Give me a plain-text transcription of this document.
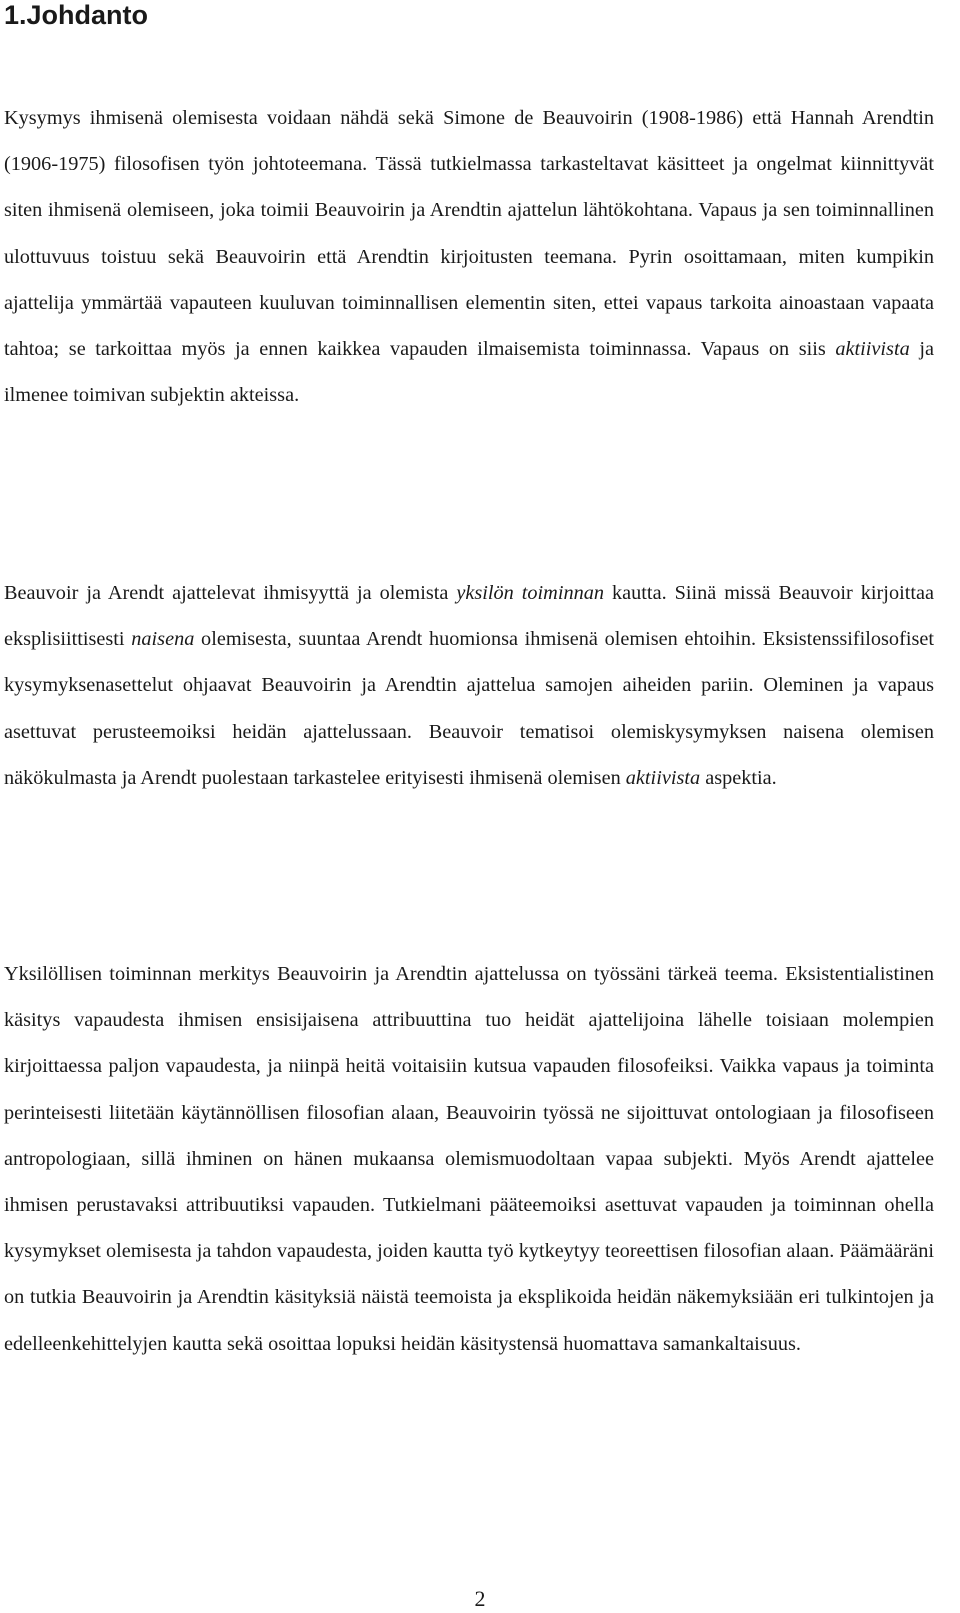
1.Johdanto

Kysymys ihmisenä olemisesta voidaan nähdä sekä Simone de Beauvoirin (1908-1986) että Hannah Arendtin (1906-1975) filosofisen työn johtoteemana. Tässä tutkielmassa tarkasteltavat käsitteet ja ongelmat kiinnittyvät siten ihmisenä olemiseen, joka toimii Beauvoirin ja Arendtin ajattelun lähtökohtana. Vapaus ja sen toiminnallinen ulottuvuus toistuu sekä Beauvoirin että Arendtin kirjoitusten teemana. Pyrin osoittamaan, miten kumpikin ajattelija ymmärtää vapauteen kuuluvan toiminnallisen elementin siten, ettei vapaus tarkoita ainoastaan vapaata tahtoa; se tarkoittaa myös ja ennen kaikkea vapauden ilmaisemista toiminnassa. Vapaus on siis aktiivista ja ilmenee toimivan subjektin akteissa.

Beauvoir ja Arendt ajattelevat ihmisyyttä ja olemista yksilön toiminnan kautta. Siinä missä Beauvoir kirjoittaa eksplisiittisesti naisena olemisesta, suuntaa Arendt huomionsa ihmisenä olemisen ehtoihin. Eksistenssifilosofiset kysymyksenasettelut ohjaavat Beauvoirin ja Arendtin ajattelua samojen aiheiden pariin. Oleminen ja vapaus asettuvat perusteemoiksi heidän ajattelussaan. Beauvoir tematisoi olemiskysymyksen naisena olemisen näkökulmasta ja Arendt puolestaan tarkastelee erityisesti ihmisenä olemisen aktiivista aspektia.

Yksilöllisen toiminnan merkitys Beauvoirin ja Arendtin ajattelussa on työssäni tärkeä teema. Eksistentialistinen käsitys vapaudesta ihmisen ensisijaisena attribuuttina tuo heidät ajattelijoina lähelle toisiaan molempien kirjoittaessa paljon vapaudesta, ja niinpä heitä voitaisiin kutsua vapauden filosofeiksi. Vaikka vapaus ja toiminta perinteisesti liitetään käytännöllisen filosofian alaan, Beauvoirin työssä ne sijoittuvat ontologiaan ja filosofiseen antropologiaan, sillä ihminen on hänen mukaansa olemismuodoltaan vapaa subjekti. Myös Arendt ajattelee ihmisen perustavaksi attribuutiksi vapauden. Tutkielmani pääteemoiksi asettuvat vapauden ja toiminnan ohella kysymykset olemisesta ja tahdon vapaudesta, joiden kautta työ kytkeytyy teoreettisen filosofian alaan. Päämääräni on tutkia Beauvoirin ja Arendtin käsityksiä näistä teemoista ja eksplikoida heidän näkemyksiään eri tulkintojen ja edelleenkehittelyjen kautta sekä osoittaa lopuksi heidän käsitystensä huomattava samankaltaisuus.

2
